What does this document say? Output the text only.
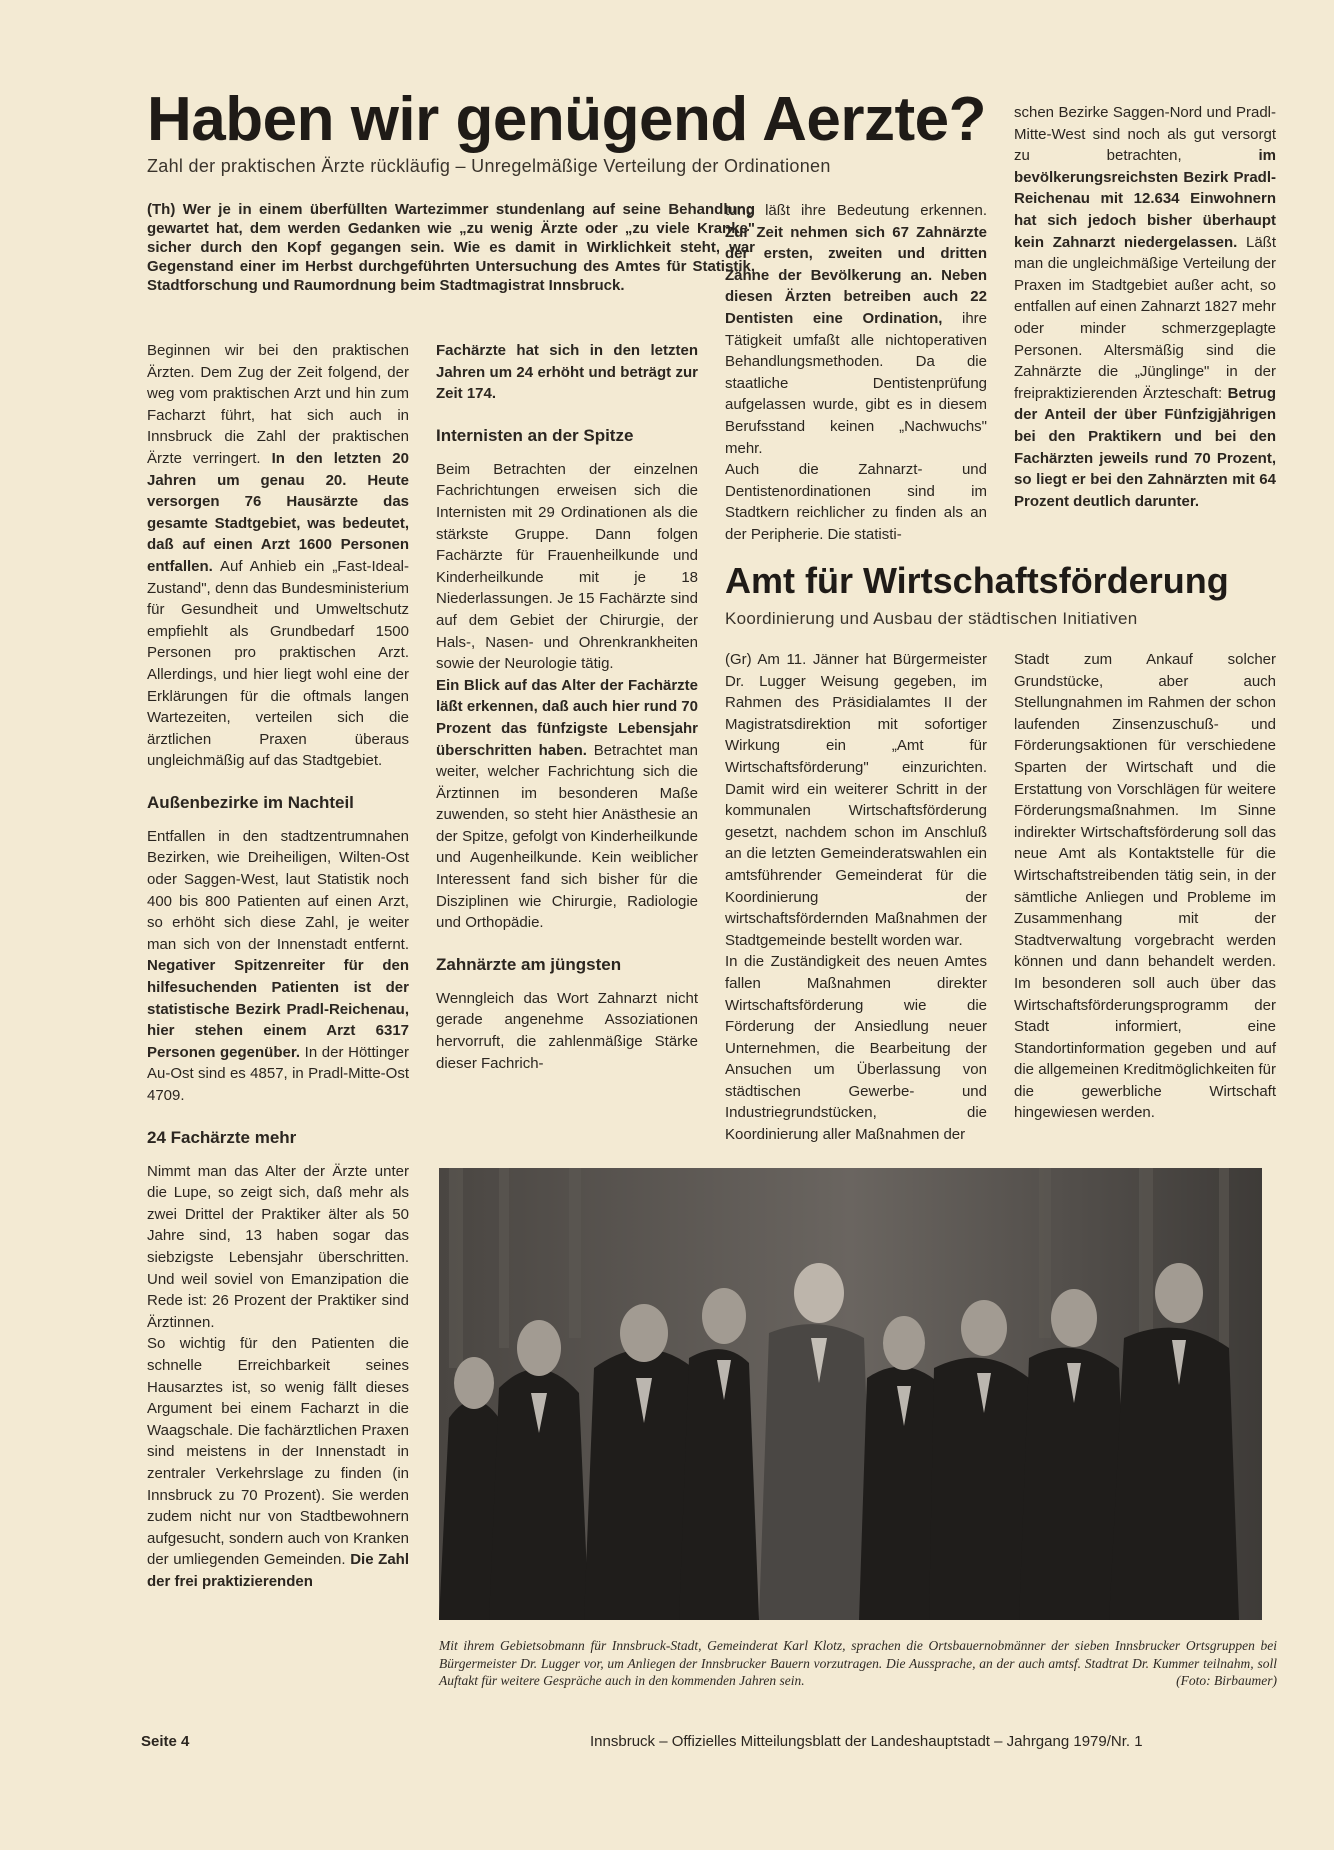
Haben wir genügend Aerzte?
Zahl der praktischen Ärzte rückläufig – Unregelmäßige Verteilung der Ordinationen
(Th) Wer je in einem überfüllten Wartezimmer stundenlang auf seine Behandlung gewartet hat, dem werden Gedanken wie „zu wenig Ärzte oder „zu viele Kranke" sicher durch den Kopf gegangen sein. Wie es damit in Wirklichkeit steht, war Gegenstand einer im Herbst durchgeführten Untersuchung des Amtes für Statistik, Stadtforschung und Raumordnung beim Stadtmagistrat Innsbruck.

Beginnen wir bei den praktischen Ärzten. Dem Zug der Zeit folgend, der weg vom praktischen Arzt und hin zum Facharzt führt, hat sich auch in Innsbruck die Zahl der praktischen Ärzte verringert. In den letzten 20 Jahren um genau 20. Heute versorgen 76 Hausärzte das gesamte Stadtgebiet, was bedeutet, daß auf einen Arzt 1600 Personen entfallen. Auf Anhieb ein „Fast-Ideal-Zustand", denn das Bundesministerium für Gesundheit und Umweltschutz empfiehlt als Grundbedarf 1500 Personen pro praktischen Arzt. Allerdings, und hier liegt wohl eine der Erklärungen für die oftmals langen Wartezeiten, verteilen sich die ärztlichen Praxen überaus ungleichmäßig auf das Stadtgebiet.

Außenbezirke im Nachteil

Entfallen in den stadtzentrumnahen Bezirken, wie Dreiheiligen, Wilten-Ost oder Saggen-West, laut Statistik noch 400 bis 800 Patienten auf einen Arzt, so erhöht sich diese Zahl, je weiter man sich von der Innenstadt entfernt. Negativer Spitzenreiter für den hilfesuchenden Patienten ist der statistische Bezirk Pradl-Reichenau, hier stehen einem Arzt 6317 Personen gegenüber. In der Höttinger Au-Ost sind es 4857, in Pradl-Mitte-Ost 4709.

24 Fachärzte mehr

Nimmt man das Alter der Ärzte unter die Lupe, so zeigt sich, daß mehr als zwei Drittel der Praktiker älter als 50 Jahre sind, 13 haben sogar das siebzigste Lebensjahr überschritten. Und weil soviel von Emanzipation die Rede ist: 26 Prozent der Praktiker sind Ärztinnen.

So wichtig für den Patienten die schnelle Erreichbarkeit seines Hausarztes ist, so wenig fällt dieses Argument bei einem Facharzt in die Waagschale. Die fachärztlichen Praxen sind meistens in der Innenstadt in zentraler Verkehrslage zu finden (in Innsbruck zu 70 Prozent). Sie werden zudem nicht nur von Stadtbewohnern aufgesucht, sondern auch von Kranken der umliegenden Gemeinden. Die Zahl der frei praktizierenden

Fachärzte hat sich in den letzten Jahren um 24 erhöht und beträgt zur Zeit 174.

Internisten an der Spitze

Beim Betrachten der einzelnen Fachrichtungen erweisen sich die Internisten mit 29 Ordinationen als die stärkste Gruppe. Dann folgen Fachärzte für Frauenheilkunde und Kinderheilkunde mit je 18 Niederlassungen. Je 15 Fachärzte sind auf dem Gebiet der Chirurgie, der Hals-, Nasen- und Ohrenkrankheiten sowie der Neurologie tätig.

Ein Blick auf das Alter der Fachärzte läßt erkennen, daß auch hier rund 70 Prozent das fünfzigste Lebensjahr überschritten haben. Betrachtet man weiter, welcher Fachrichtung sich die Ärztinnen im besonderen Maße zuwenden, so steht hier Anästhesie an der Spitze, gefolgt von Kinderheilkunde und Augenheilkunde. Kein weiblicher Interessent fand sich bisher für die Disziplinen wie Chirurgie, Radiologie und Orthopädie.

Zahnärzte am jüngsten

Wenngleich das Wort Zahnarzt nicht gerade angenehme Assoziationen hervorruft, die zahlenmäßige Stärke dieser Fachrich-

tung läßt ihre Bedeutung erkennen. Zur Zeit nehmen sich 67 Zahnärzte der ersten, zweiten und dritten Zähne der Bevölkerung an. Neben diesen Ärzten betreiben auch 22 Dentisten eine Ordination, ihre Tätigkeit umfaßt alle nichtoperativen Behandlungsmethoden. Da die staatliche Dentistenprüfung aufgelassen wurde, gibt es in diesem Berufsstand keinen „Nachwuchs" mehr.

Auch die Zahnarzt- und Dentistenordinationen sind im Stadtkern reichlicher zu finden als an der Peripherie. Die statisti-

schen Bezirke Saggen-Nord und Pradl-Mitte-West sind noch als gut versorgt zu betrachten, im bevölkerungsreichsten Bezirk Pradl-Reichenau mit 12.634 Einwohnern hat sich jedoch bisher überhaupt kein Zahnarzt niedergelassen. Läßt man die ungleichmäßige Verteilung der Praxen im Stadtgebiet außer acht, so entfallen auf einen Zahnarzt 1827 mehr oder minder schmerzgeplagte Personen. Altersmäßig sind die Zahnärzte die „Jünglinge" in der freipraktizierenden Ärzteschaft: Betrug der Anteil der über Fünfzigjährigen bei den Praktikern und bei den Fachärzten jeweils rund 70 Prozent, so liegt er bei den Zahnärzten mit 64 Prozent deutlich darunter.

Amt für Wirtschaftsförderung
Koordinierung und Ausbau der städtischen Initiativen

(Gr) Am 11. Jänner hat Bürgermeister Dr. Lugger Weisung gegeben, im Rahmen des Präsidialamtes II der Magistratsdirektion mit sofortiger Wirkung ein „Amt für Wirtschaftsförderung" einzurichten. Damit wird ein weiterer Schritt in der kommunalen Wirtschaftsförderung gesetzt, nachdem schon im Anschluß an die letzten Gemeinderatswahlen ein amtsführender Gemeinderat für die Koordinierung der wirtschaftsfördernden Maßnahmen der Stadtgemeinde bestellt worden war.

In die Zuständigkeit des neuen Amtes fallen Maßnahmen direkter Wirtschaftsförderung wie die Förderung der Ansiedlung neuer Unternehmen, die Bearbeitung der Ansuchen um Überlassung von städtischen Gewerbe- und Industriegrundstücken, die Koordinierung aller Maßnahmen der

Stadt zum Ankauf solcher Grundstücke, aber auch Stellungnahmen im Rahmen der schon laufenden Zinsenzuschuß- und Förderungsaktionen für verschiedene Sparten der Wirtschaft und die Erstattung von Vorschlägen für weitere Förderungsmaßnahmen. Im Sinne indirekter Wirtschaftsförderung soll das neue Amt als Kontaktstelle für die Wirtschaftstreibenden tätig sein, in der sämtliche Anliegen und Probleme im Zusammenhang mit der Stadtverwaltung vorgebracht werden können und dann behandelt werden. Im besonderen soll auch über das Wirtschaftsförderungsprogramm der Stadt informiert, eine Standortinformation gegeben und auf die allgemeinen Kreditmöglichkeiten für die gewerbliche Wirtschaft hingewiesen werden.

Mit ihrem Gebietsobmann für Innsbruck-Stadt, Gemeinderat Karl Klotz, sprachen die Ortsbauernobmänner der sieben Innsbrucker Ortsgruppen bei Bürgermeister Dr. Lugger vor, um Anliegen der Innsbrucker Bauern vorzutragen. Die Aussprache, an der auch amtsf. Stadtrat Dr. Kummer teilnahm, soll Auftakt für weitere Gespräche auch in den kommenden Jahren sein.	(Foto: Birbaumer)
Seite 4	Innsbruck – Offizielles Mitteilungsblatt der Landeshauptstadt – Jahrgang 1979/Nr. 1
